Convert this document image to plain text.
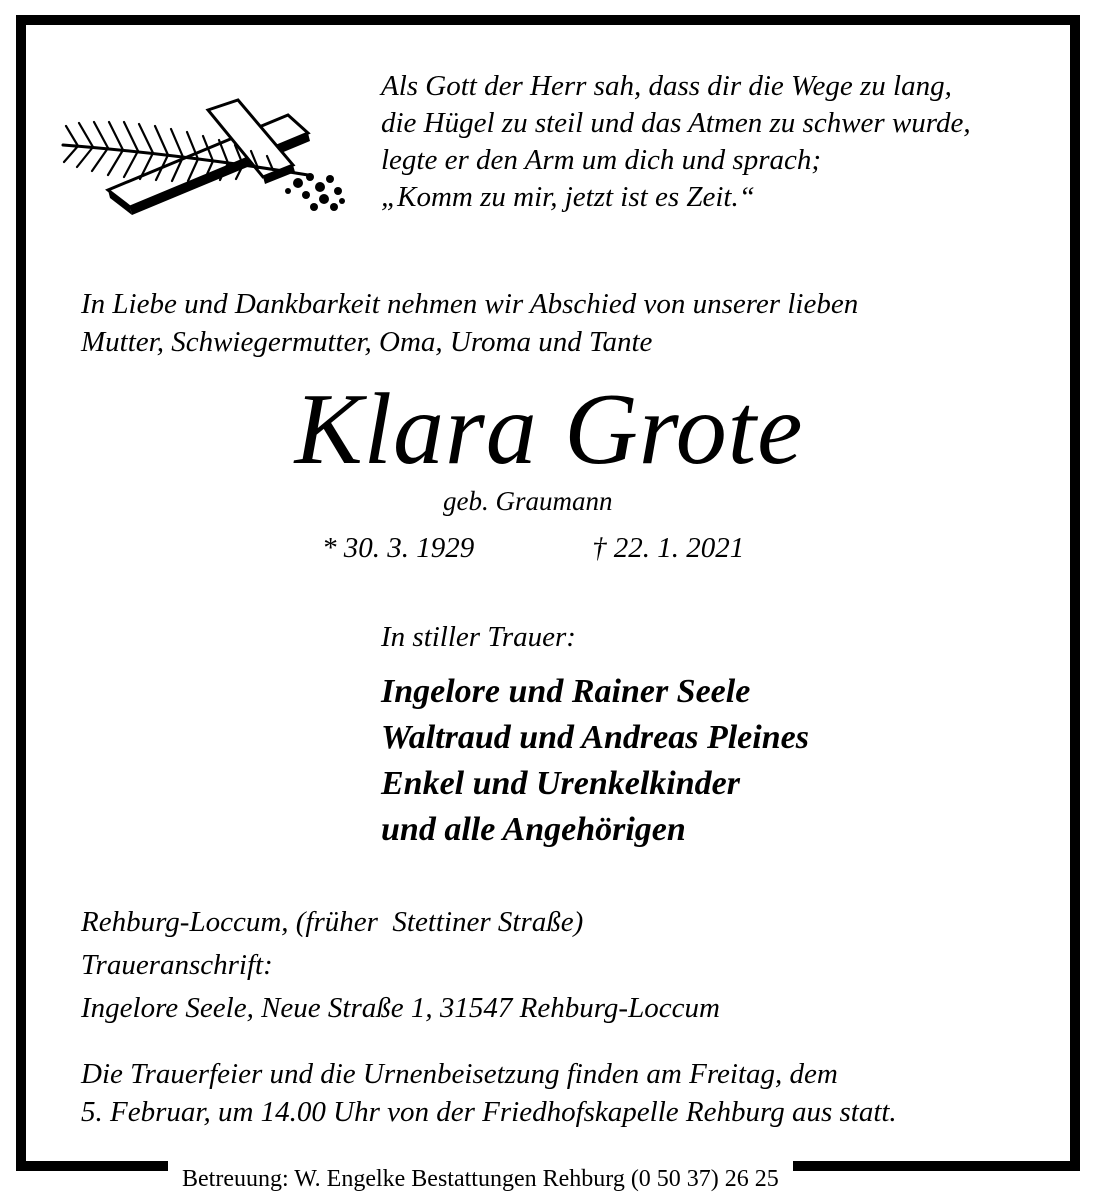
Betreuung: W. Engelke Bestattungen Rehburg (0 50 37) 26 25
Als Gott der Herr sah, dass dir die Wege zu lang,
die Hügel zu steil und das Atmen zu schwer wurde,
legte er den Arm um dich und sprach;
„Komm zu mir, jetzt ist es Zeit.“
In Liebe und Dankbarkeit nehmen wir Abschied von unserer lieben
Mutter, Schwiegermutter, Oma, Uroma und Tante
Klara Grote
geb. Graumann
* 30. 3. 1929	† 22. 1. 2021
In stiller Trauer:
Ingelore und Rainer Seele
Waltraud und Andreas Pleines
Enkel und Urenkelkinder
und alle Angehörigen
Rehburg-Loccum, (früher  Stettiner Straße)
Traueranschrift:
Ingelore Seele, Neue Straße 1, 31547 Rehburg-Loccum
Die Trauerfeier und die Urnenbeisetzung finden am Freitag, dem
5. Februar, um 14.00 Uhr von der Friedhofskapelle Rehburg aus statt.
